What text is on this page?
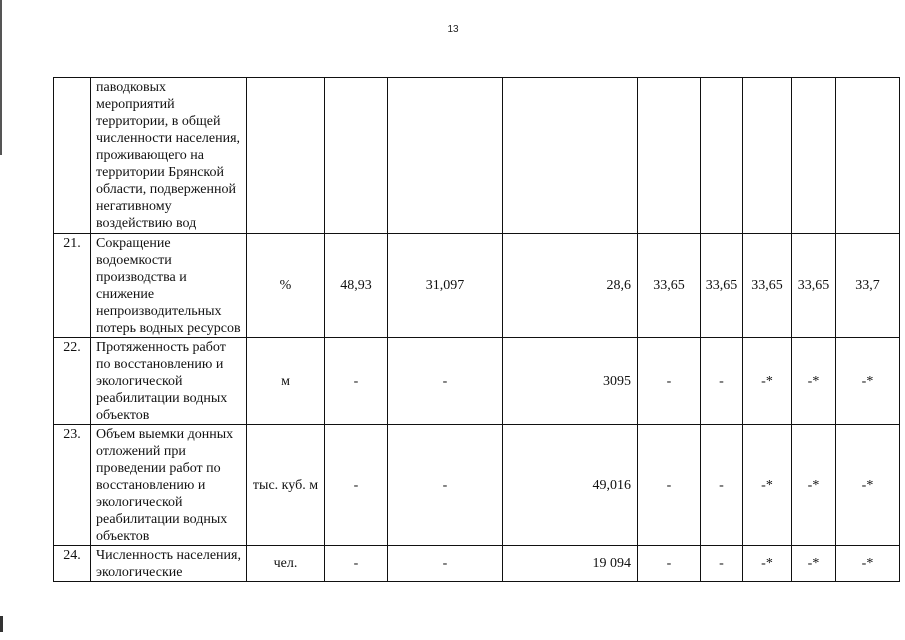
13
	паводковых мероприятий территории, в общей численности населения, проживающего на территории Брянской области, подверженной негативному воздействию вод									
21.	Сокращение водоемкости производства и снижение непроизводительных потерь водных ресурсов	%	48,93	31,097	28,6	33,65	33,65	33,65	33,65	33,7
22.	Протяженность работ по восстановлению и экологической реабилитации водных объектов	м	-	-	3095	-	-	-*	-*	-*
23.	Объем выемки донных отложений при проведении работ по восстановлению и экологической реабилитации водных объектов	тыс. куб. м	-	-	49,016	-	-	-*	-*	-*
24.	Численность населения, экологические	чел.	-	-	19 094	-	-	-*	-*	-*
